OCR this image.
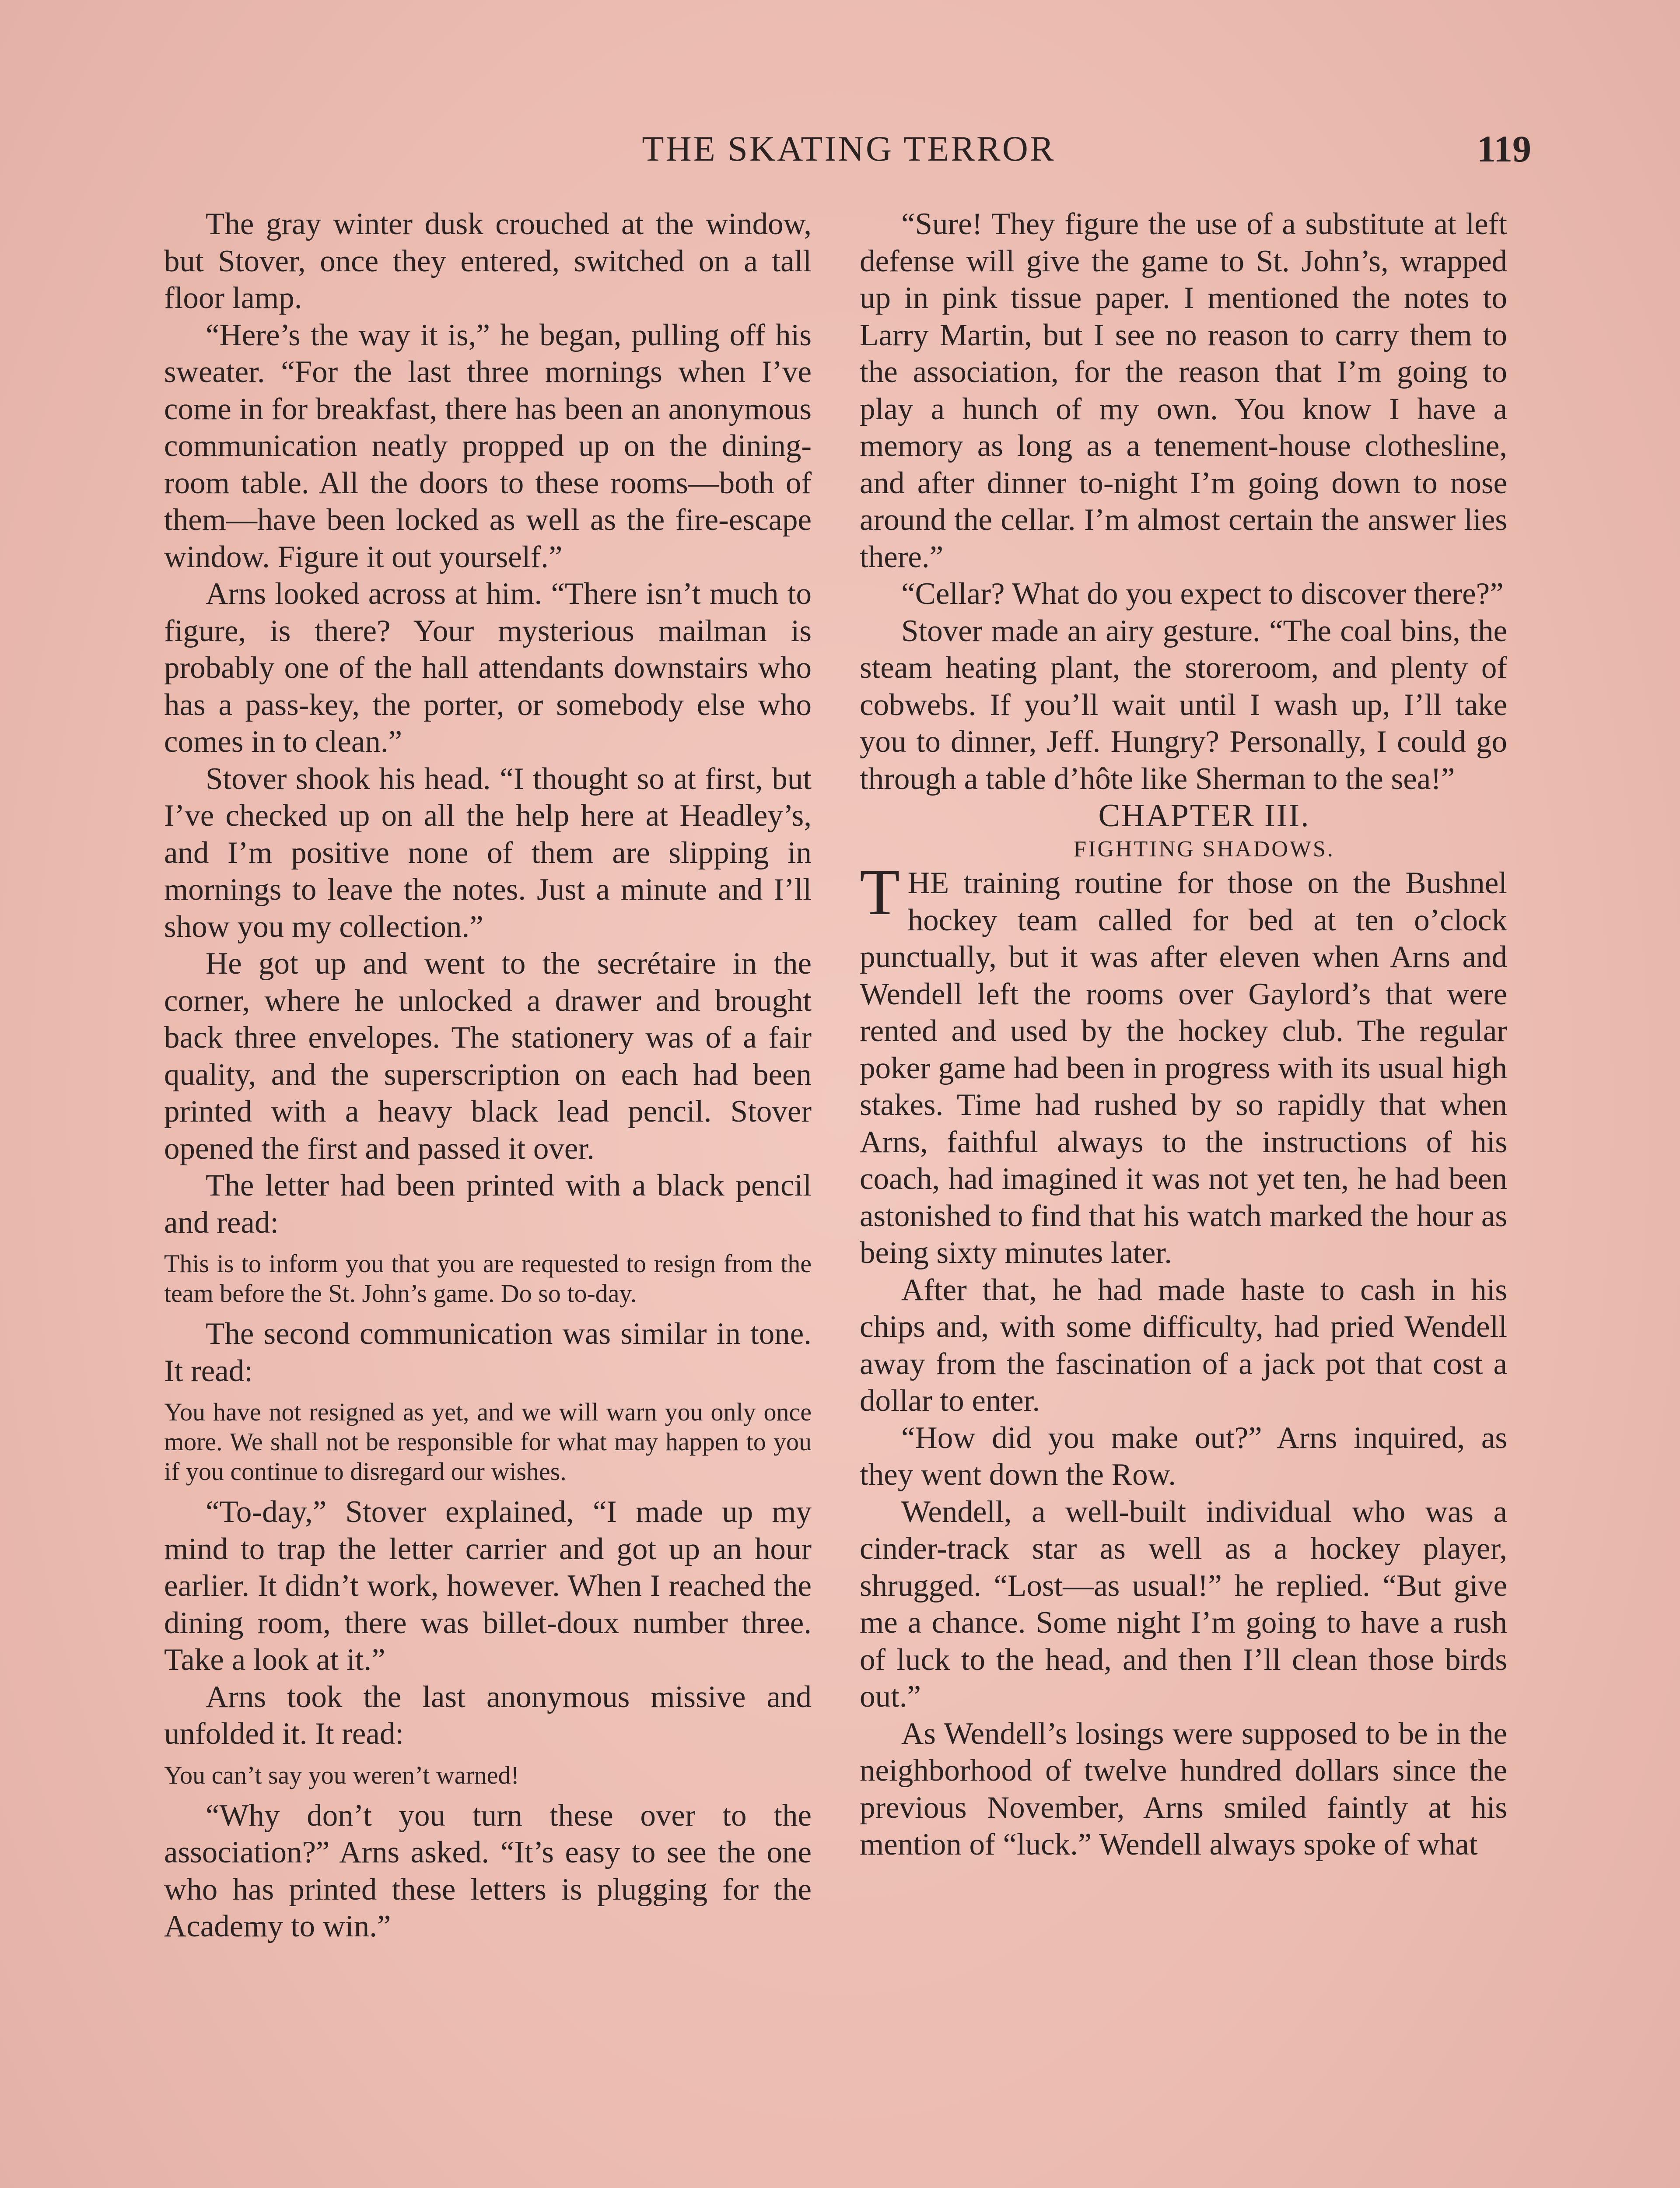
THE SKATING TERROR	119

The gray winter dusk crouched at the window, but Stover, once they entered, switched on a tall floor lamp.

“Here’s the way it is,” he began, pulling off his sweater. “For the last three mornings when I’ve come in for breakfast, there has been an anonymous communication neatly propped up on the dining-room table. All the doors to these rooms—both of them—have been locked as well as the fire-escape window. Figure it out yourself.”

Arns looked across at him. “There isn’t much to figure, is there? Your mysterious mailman is probably one of the hall attendants downstairs who has a pass-key, the porter, or somebody else who comes in to clean.”

Stover shook his head. “I thought so at first, but I’ve checked up on all the help here at Headley’s, and I’m positive none of them are slipping in mornings to leave the notes. Just a minute and I’ll show you my collection.”

He got up and went to the secrétaire in the corner, where he unlocked a drawer and brought back three envelopes. The stationery was of a fair quality, and the superscription on each had been printed with a heavy black lead pencil. Stover opened the first and passed it over.

The letter had been printed with a black pencil and read:

This is to inform you that you are requested to resign from the team before the St. John’s game. Do so to-day.

The second communication was similar in tone. It read:

You have not resigned as yet, and we will warn you only once more. We shall not be responsible for what may happen to you if you continue to disregard our wishes.

“To-day,” Stover explained, “I made up my mind to trap the letter carrier and got up an hour earlier. It didn’t work, however. When I reached the dining room, there was billet-doux number three. Take a look at it.”

Arns took the last anonymous missive and unfolded it. It read:

You can’t say you weren’t warned!

“Why don’t you turn these over to the association?” Arns asked. “It’s easy to see the one who has printed these letters is plugging for the Academy to win.”

“Sure! They figure the use of a substitute at left defense will give the game to St. John’s, wrapped up in pink tissue paper. I mentioned the notes to Larry Martin, but I see no reason to carry them to the association, for the reason that I’m going to play a hunch of my own. You know I have a memory as long as a tenement-house clothesline, and after dinner to-night I’m going down to nose around the cellar. I’m almost certain the answer lies there.”

“Cellar? What do you expect to discover there?”

Stover made an airy gesture. “The coal bins, the steam heating plant, the storeroom, and plenty of cobwebs. If you’ll wait until I wash up, I’ll take you to dinner, Jeff. Hungry? Personally, I could go through a table d’hôte like Sherman to the sea!”

CHAPTER III.

FIGHTING SHADOWS.

THE training routine for those on the Bushnel hockey team called for bed at ten o’clock punctually, but it was after eleven when Arns and Wendell left the rooms over Gaylord’s that were rented and used by the hockey club. The regular poker game had been in progress with its usual high stakes. Time had rushed by so rapidly that when Arns, faithful always to the instructions of his coach, had imagined it was not yet ten, he had been astonished to find that his watch marked the hour as being sixty minutes later.

After that, he had made haste to cash in his chips and, with some difficulty, had pried Wendell away from the fascination of a jack pot that cost a dollar to enter.

“How did you make out?” Arns inquired, as they went down the Row.

Wendell, a well-built individual who was a cinder-track star as well as a hockey player, shrugged. “Lost—as usual!” he replied. “But give me a chance. Some night I’m going to have a rush of luck to the head, and then I’ll clean those birds out.”

As Wendell’s losings were supposed to be in the neighborhood of twelve hundred dollars since the previous November, Arns smiled faintly at his mention of “luck.” Wendell always spoke of what
